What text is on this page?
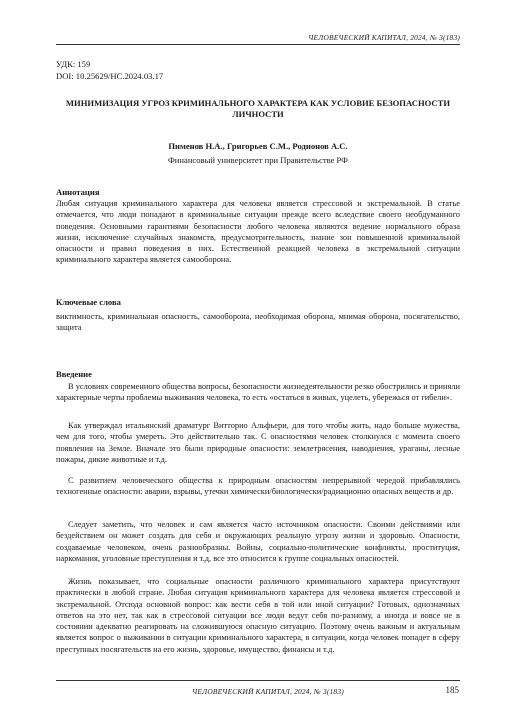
ЧЕЛОВЕЧЕСКИЙ КАПИТАЛ, 2024, № 3(183)
УДК: 159
DOI: 10.25629/HC.2024.03.17
МИНИМИЗАЦИЯ УГРОЗ КРИМИНАЛЬНОГО ХАРАКТЕРА КАК УСЛОВИЕ БЕЗОПАСНОСТИ ЛИЧНОСТИ
Пименов Н.А., Григорьев С.М., Родионов А.С.
Финансовый университет при Правительстве РФ
Аннотация

Любая ситуация криминального характера для человека является стрессовой и экстремальной. В статье отмечается, что люди попадают в криминальные ситуации прежде всего вследствие своего необдуманного поведения. Основными гарантиями безопасности любого человека являются ведение нормального образа жизни, исключение случайных знакомств, предусмотрительность, знание зон повышенной криминальной опасности и правил поведения в них. Естественной реакцией человека в экстремальной ситуации криминального характера является самооборона.

Ключевые слова

виктимность, криминальная опасность, самооборона, необходимая оборона, мнимая оборона, посягательство, защита

Введение

В условиях современного общества вопросы, безопасности жизнедеятельности резко обострились и приняли характерные черты проблемы выживания человека, то есть «остаться в живых, уцелеть, убережься от гибели».

Как утверждал итальянский драматург Витторио Альфьери, для того чтобы жить, надо больше мужества, чем для того, чтобы умереть. Это действительно так. С опасностями человек столкнулся с момента своего появления на Земле. Вначале это были природные опасности: землетрясения, наводнения, ураганы, лесные пожары, дикие животные и т.д.

С развитием человеческого общества к природным опасностям непрерывной чередой прибавлялись техногенные опасности: аварии, взрывы, утечки химически/биологически/радиационно опасных веществ и др.

Следует заметить, что человек и сам является часто источником опасности. Своими действиями или бездействием он может создать для себя и окружающих реальную угрозу жизни и здоровью. Опасности, создаваемые человеком, очень разнообразны. Войны, социально-политические конфликты, проституция, наркомания, уголовные преступления и т.д, все это относится к группе социальных опасностей.

Жизнь показывает, что социальные опасности различного криминального характера присутствуют практически в любой стране. Любая ситуация криминального характера для человека является стрессовой и экстремальной. Отсюда основной вопрос: как вести себя в той или иной ситуации? Готовых, однозначных ответов на это нет, так как в стрессовой ситуации все люди ведут себя по-разному, а иногда и вовсе не в состоянии адекватно реагировать на сложившуюся опасную ситуацию. Поэтому очень важным и актуальным является вопрос о выживании в ситуации криминального характера, в ситуации, когда человек попадет в сферу преступных посягательств на его жизнь, здоровье, имущество, финансы и т.д.

ЧЕЛОВЕЧЕСКИЙ КАПИТАЛ, 2024, № 3(183)	185
